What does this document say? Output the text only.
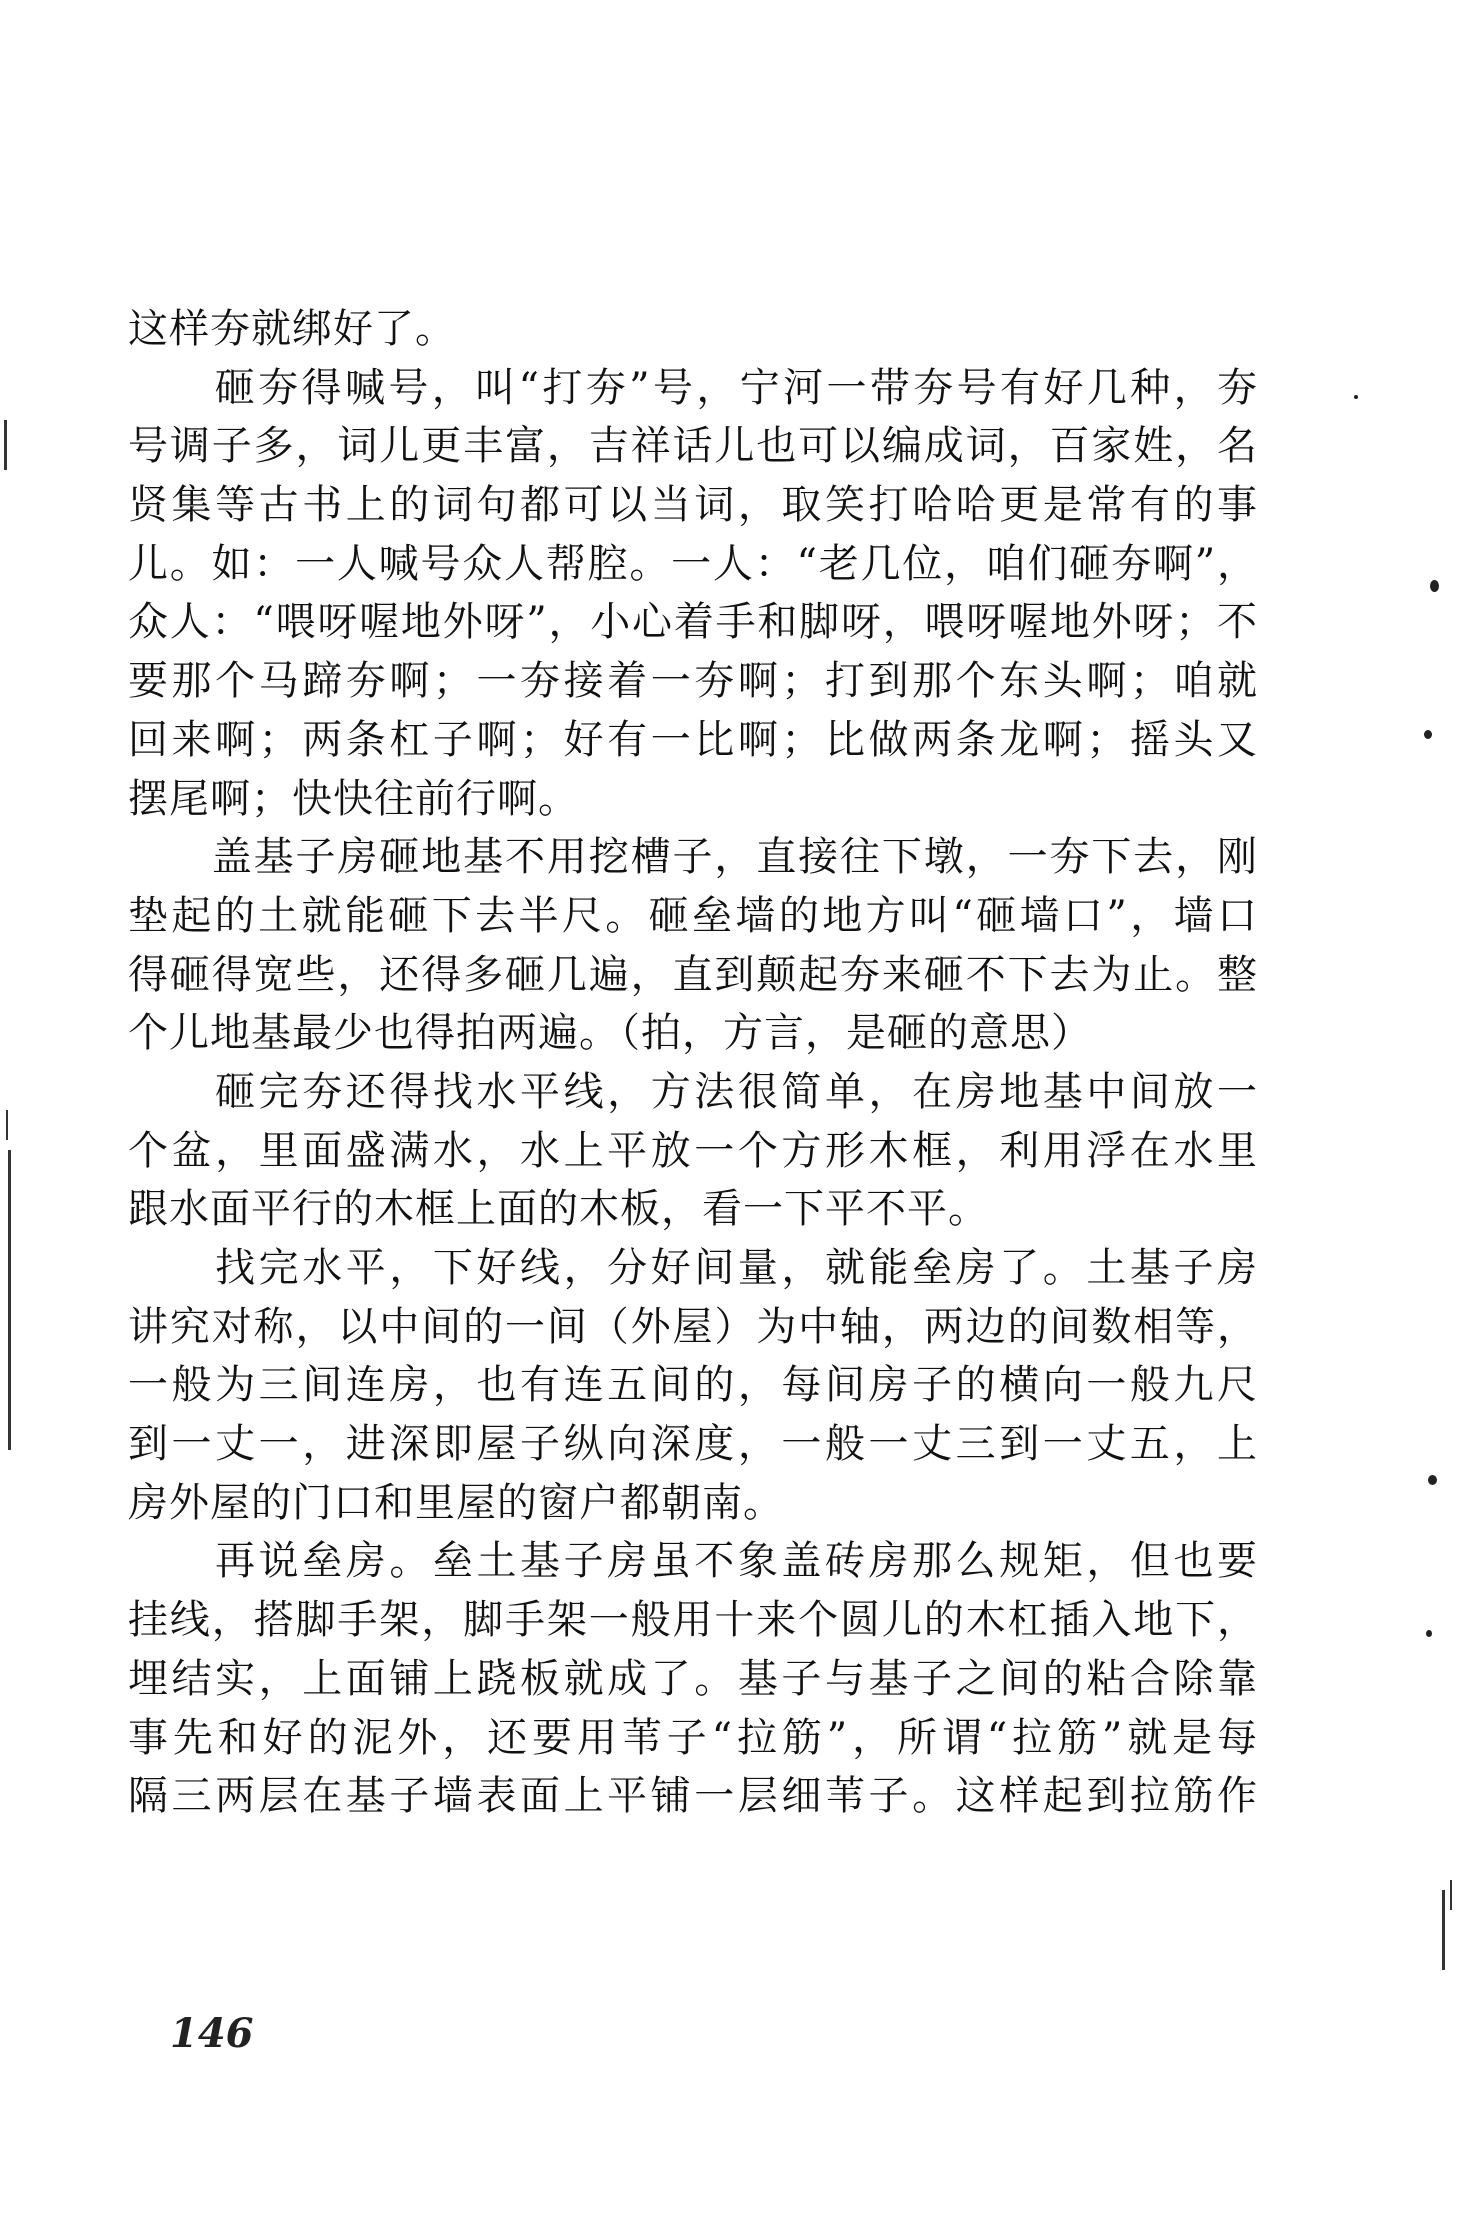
这样夯就绑好了。
　　砸夯得喊号，叫“打夯”号，宁河一带夯号有好几种，夯
号调子多，词儿更丰富，吉祥话儿也可以编成词，百家姓，名
贤集等古书上的词句都可以当词，取笑打哈哈更是常有的事
儿。如：一人喊号众人帮腔。一人：“老几位，咱们砸夯啊”，
众人：“喂呀喔地外呀”，小心着手和脚呀，喂呀喔地外呀；不
要那个马蹄夯啊；一夯接着一夯啊；打到那个东头啊；咱就
回来啊；两条杠子啊；好有一比啊；比做两条龙啊；摇头又
摆尾啊；快快往前行啊。
　　盖基子房砸地基不用挖槽子，直接往下墩，一夯下去，刚
垫起的土就能砸下去半尺。砸垒墙的地方叫“砸墙口”，墙口
得砸得宽些，还得多砸几遍，直到颠起夯来砸不下去为止。整
个儿地基最少也得拍两遍。（拍，方言，是砸的意思）
　　砸完夯还得找水平线，方法很简单，在房地基中间放一
个盆，里面盛满水，水上平放一个方形木框，利用浮在水里
跟水面平行的木框上面的木板，看一下平不平。
　　找完水平，下好线，分好间量，就能垒房了。土基子房
讲究对称，以中间的一间（外屋）为中轴，两边的间数相等，
一般为三间连房，也有连五间的，每间房子的横向一般九尺
到一丈一，进深即屋子纵向深度，一般一丈三到一丈五，上
房外屋的门口和里屋的窗户都朝南。
　　再说垒房。垒土基子房虽不象盖砖房那么规矩，但也要
挂线，搭脚手架，脚手架一般用十来个圆儿的木杠插入地下，
埋结实，上面铺上跷板就成了。基子与基子之间的粘合除靠
事先和好的泥外，还要用苇子“拉筋”，所谓“拉筋”就是每
隔三两层在基子墙表面上平铺一层细苇子。这样起到拉筋作
146
